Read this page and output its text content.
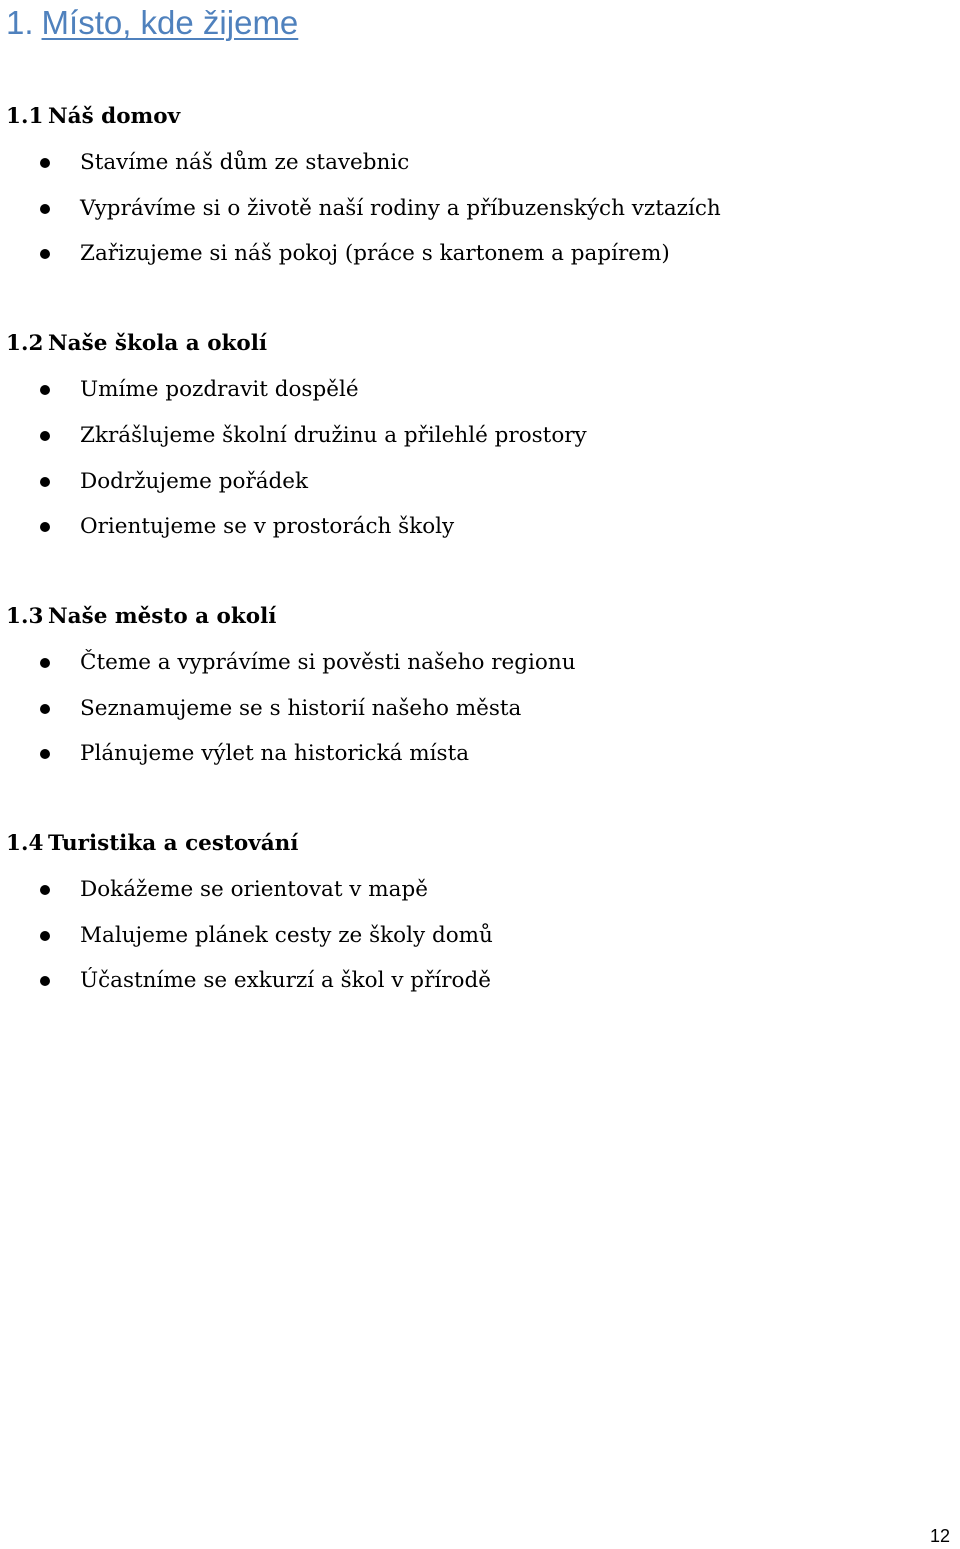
1. Místo, kde žijeme
1.1 Náš domov
Stavíme náš dům ze stavebnic
Vyprávíme si o životě naší rodiny a příbuzenských vztazích
Zařizujeme si náš pokoj (práce s kartonem a papírem)
1.2 Naše škola a okolí
Umíme pozdravit dospělé
Zkrášlujeme školní družinu a přilehlé prostory
Dodržujeme pořádek
Orientujeme se v prostorách školy
1.3 Naše město a okolí
Čteme a vyprávíme si pověsti našeho regionu
Seznamujeme se s historií našeho města
Plánujeme výlet na historická místa
1.4 Turistika a cestování
Dokážeme se orientovat v mapě
Malujeme plánek cesty ze školy domů
Účastníme se exkurzí a škol v přírodě
12
